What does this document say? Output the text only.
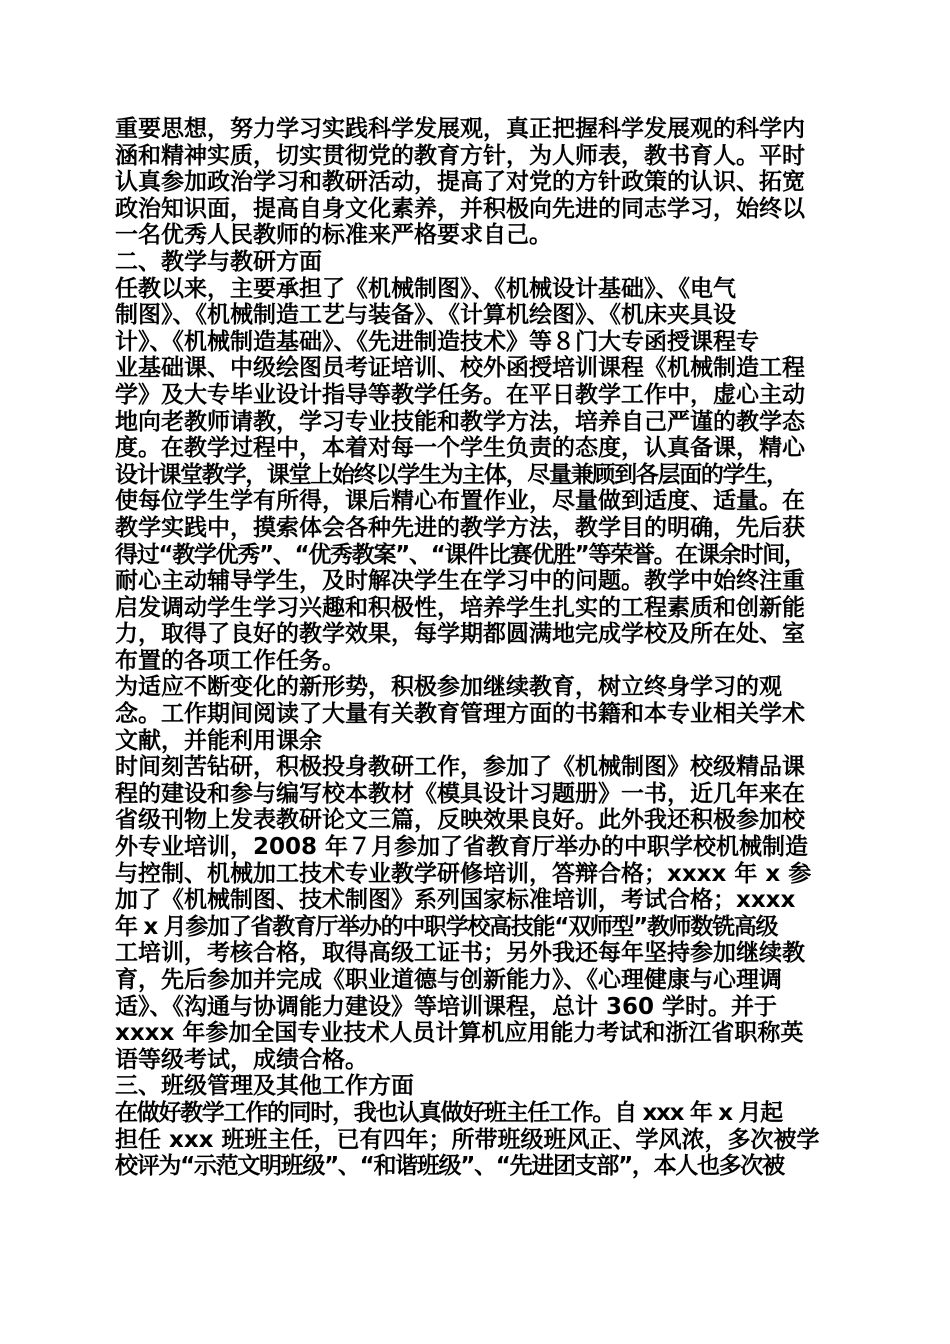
重要思想，努力学习实践科学发展观，真正把握科学发展观的科学内
涵和精神实质，切实贯彻党的教育方针，为人师表，教书育人。平时
认真参加政治学习和教研活动，提高了对党的方针政策的认识、拓宽
政治知识面，提高自身文化素养，并积极向先进的同志学习，始终以
一名优秀人民教师的标准来严格要求自己。
二、教学与教研方面
任教以来，主要承担了《机械制图》、《机械设计基础》、《电气
制图》、《机械制造工艺与装备》、《计算机绘图》、《机床夹具设
计》、《机械制造基础》、《先进制造技术》等８门大专函授课程专
业基础课、中级绘图员考证培训、校外函授培训课程《机械制造工程
学》及大专毕业设计指导等教学任务。在平日教学工作中，虚心主动
地向老教师请教，学习专业技能和教学方法，培养自己严谨的教学态
度。在教学过程中，本着对每一个学生负责的态度，认真备课，精心
设计课堂教学，课堂上始终以学生为主体，尽量兼顾到各层面的学生，
使每位学生学有所得，课后精心布置作业，尽量做到适度、适量。在
教学实践中，摸索体会各种先进的教学方法，教学目的明确，先后获
得过“教学优秀”、“优秀教案”、“课件比赛优胜”等荣誉。在课余时间，
耐心主动辅导学生，及时解决学生在学习中的问题。教学中始终注重
启发调动学生学习兴趣和积极性，培养学生扎实的工程素质和创新能
力，取得了良好的教学效果，每学期都圆满地完成学校及所在处、室
布置的各项工作任务。
为适应不断变化的新形势，积极参加继续教育，树立终身学习的观
念。工作期间阅读了大量有关教育管理方面的书籍和本专业相关学术
文献，并能利用课余
时间刻苦钻研，积极投身教研工作，参加了《机械制图》校级精品课
程的建设和参与编写校本教材《模具设计习题册》一书，近几年来在
省级刊物上发表教研论文三篇，反映效果良好。此外我还积极参加校
外专业培训，2008 年７月参加了省教育厅举办的中职学校机械制造
与控制、机械加工技术专业教学研修培训，答辩合格；xxxx 年 x 参
加了《机械制图、技术制图》系列国家标准培训，考试合格；xxxx
年 x 月参加了省教育厅举办的中职学校高技能“双师型”教师数铣高级
工培训，考核合格，取得高级工证书；另外我还每年坚持参加继续教
育，先后参加并完成《职业道德与创新能力》、《心理健康与心理调
适》、《沟通与协调能力建设》等培训课程，总计 360 学时。并于
xxxx 年参加全国专业技术人员计算机应用能力考试和浙江省职称英
语等级考试，成绩合格。
三、班级管理及其他工作方面
在做好教学工作的同时，我也认真做好班主任工作。自 xxx 年 x 月起
担任 xxx 班班主任，已有四年；所带班级班风正、学风浓，多次被学
校评为“示范文明班级”、“和谐班级”、“先进团支部”，本人也多次被
